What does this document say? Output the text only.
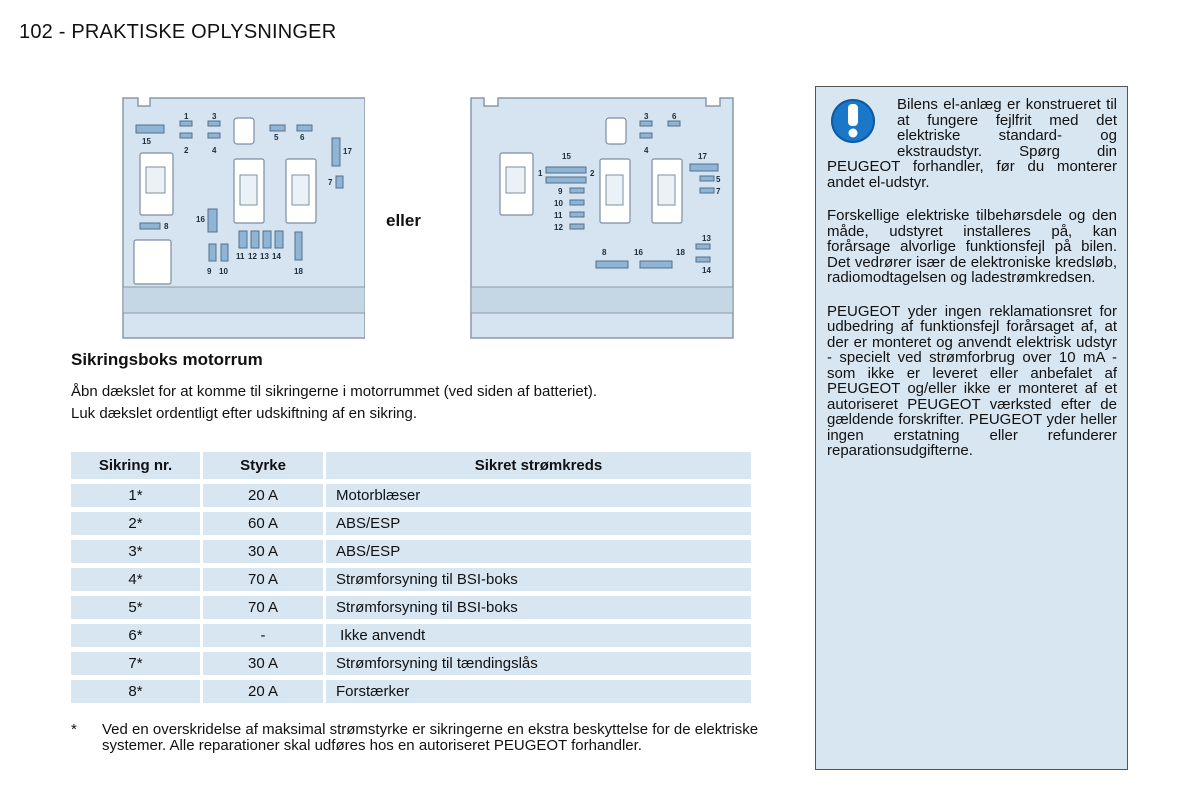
102 - PRAKTISKE OPLYSNINGER
1
2
3
4
5	6
15
17
7
8
16
9 10
11 12 13 14
18
eller
3	6
4
15
1	2
9
10
11
12
17
5
7
8	16	18
13
14
Sikringsboks motorrum
Åbn dækslet for at komme til sikringerne i motorrummet (ved siden af batteriet).
Luk dækslet ordentligt efter udskiftning af en sikring.
Sikring nr.	Styrke	Sikret strømkreds
1*	20 A	Motorblæser
2*	60 A	ABS/ESP
3*	30 A	ABS/ESP
4*	70 A	Strømforsyning til BSI-boks
5*	70 A	Strømforsyning til BSI-boks
6*	-	Ikke anvendt
7*	30 A	Strømforsyning til tændingslås
8*	20 A	Forstærker
* Ved en overskridelse af maksimal strømstyrke er sikringerne en ekstra beskyttelse for de elektriske systemer. Alle reparationer skal udføres hos en autoriseret PEUGEOT forhandler.
Bilens el-anlæg er konstrueret til at fungere fejlfrit med det elektriske standard- og ekstraudstyr. Spørg din PEUGEOT forhandler, før du monterer andet el-udstyr.
Forskellige elektriske tilbehørsdele og den måde, udstyret installeres på, kan forårsage alvorlige funktionsfejl på bilen. Det vedrører især de elektroniske kredsløb, radiomodtagelsen og ladestrømkredsen.
PEUGEOT yder ingen reklamationsret for udbedring af funktionsfejl forårsaget af, at der er monteret og anvendt elektrisk udstyr - specielt ved strømforbrug over 10 mA - som ikke er leveret eller anbefalet af PEUGEOT og/eller ikke er monteret af et autoriseret PEUGEOT værksted efter de gældende forskrifter. PEUGEOT yder heller ingen erstatning eller refunderer reparationsudgifterne.
